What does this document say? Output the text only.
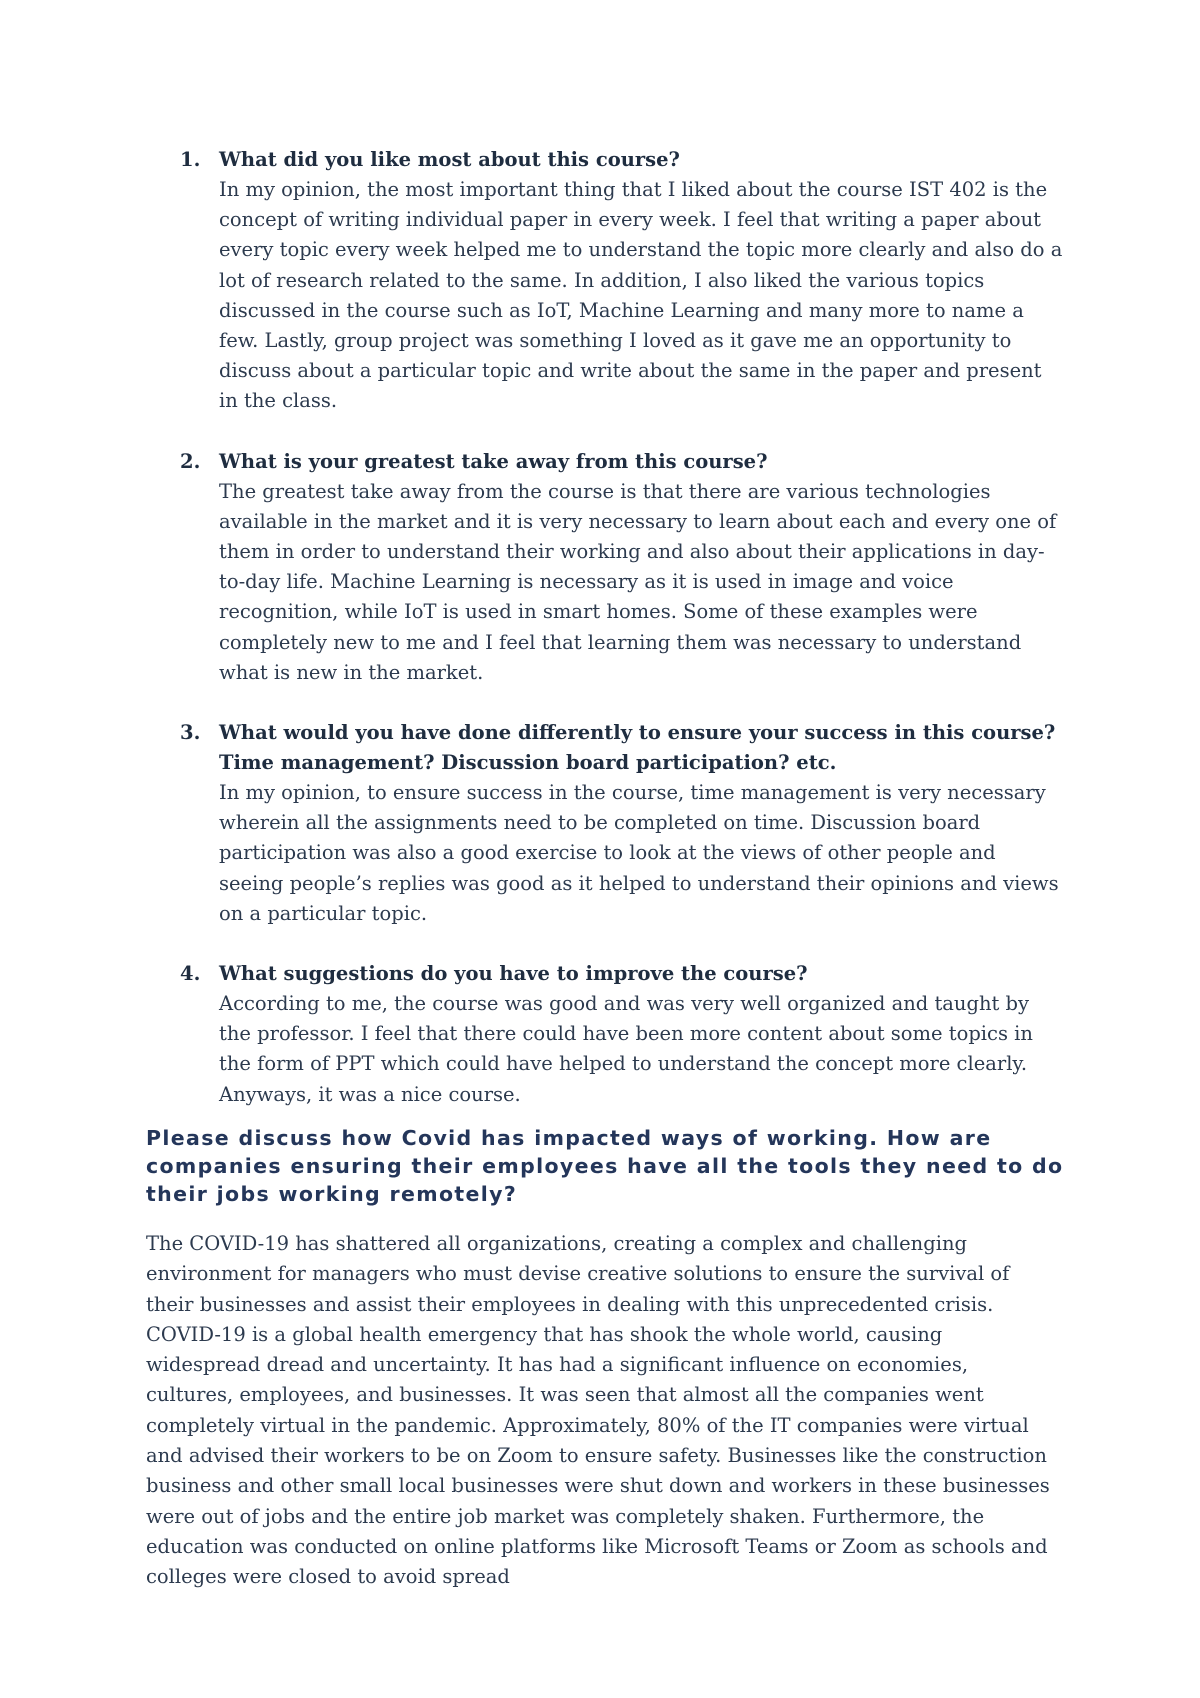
1. What did you like most about this course?

In my opinion, the most important thing that I liked about the course IST 402 is the concept of writing individual paper in every week. I feel that writing a paper about every topic every week helped me to understand the topic more clearly and also do a lot of research related to the same. In addition, I also liked the various topics discussed in the course such as IoT, Machine Learning and many more to name a few. Lastly, group project was something I loved as it gave me an opportunity to discuss about a particular topic and write about the same in the paper and present in the class.

2. What is your greatest take away from this course?

The greatest take away from the course is that there are various technologies available in the market and it is very necessary to learn about each and every one of them in order to understand their working and also about their applications in day-to-day life. Machine Learning is necessary as it is used in image and voice recognition, while IoT is used in smart homes. Some of these examples were completely new to me and I feel that learning them was necessary to understand what is new in the market.

3. What would you have done differently to ensure your success in this course? Time management? Discussion board participation? etc.

In my opinion, to ensure success in the course, time management is very necessary wherein all the assignments need to be completed on time. Discussion board participation was also a good exercise to look at the views of other people and seeing people’s replies was good as it helped to understand their opinions and views on a particular topic.

4. What suggestions do you have to improve the course?

According to me, the course was good and was very well organized and taught by the professor. I feel that there could have been more content about some topics in the form of PPT which could have helped to understand the concept more clearly. Anyways, it was a nice course.

Please discuss how Covid has impacted ways of working. How are companies ensuring their employees have all the tools they need to do their jobs working remotely?

The COVID-19 has shattered all organizations, creating a complex and challenging environment for managers who must devise creative solutions to ensure the survival of their businesses and assist their employees in dealing with this unprecedented crisis. COVID-19 is a global health emergency that has shook the whole world, causing widespread dread and uncertainty. It has had a significant influence on economies, cultures, employees, and businesses. It was seen that almost all the companies went completely virtual in the pandemic. Approximately, 80% of the IT companies were virtual and advised their workers to be on Zoom to ensure safety. Businesses like the construction business and other small local businesses were shut down and workers in these businesses were out of jobs and the entire job market was completely shaken. Furthermore, the education was conducted on online platforms like Microsoft Teams or Zoom as schools and colleges were closed to avoid spread
